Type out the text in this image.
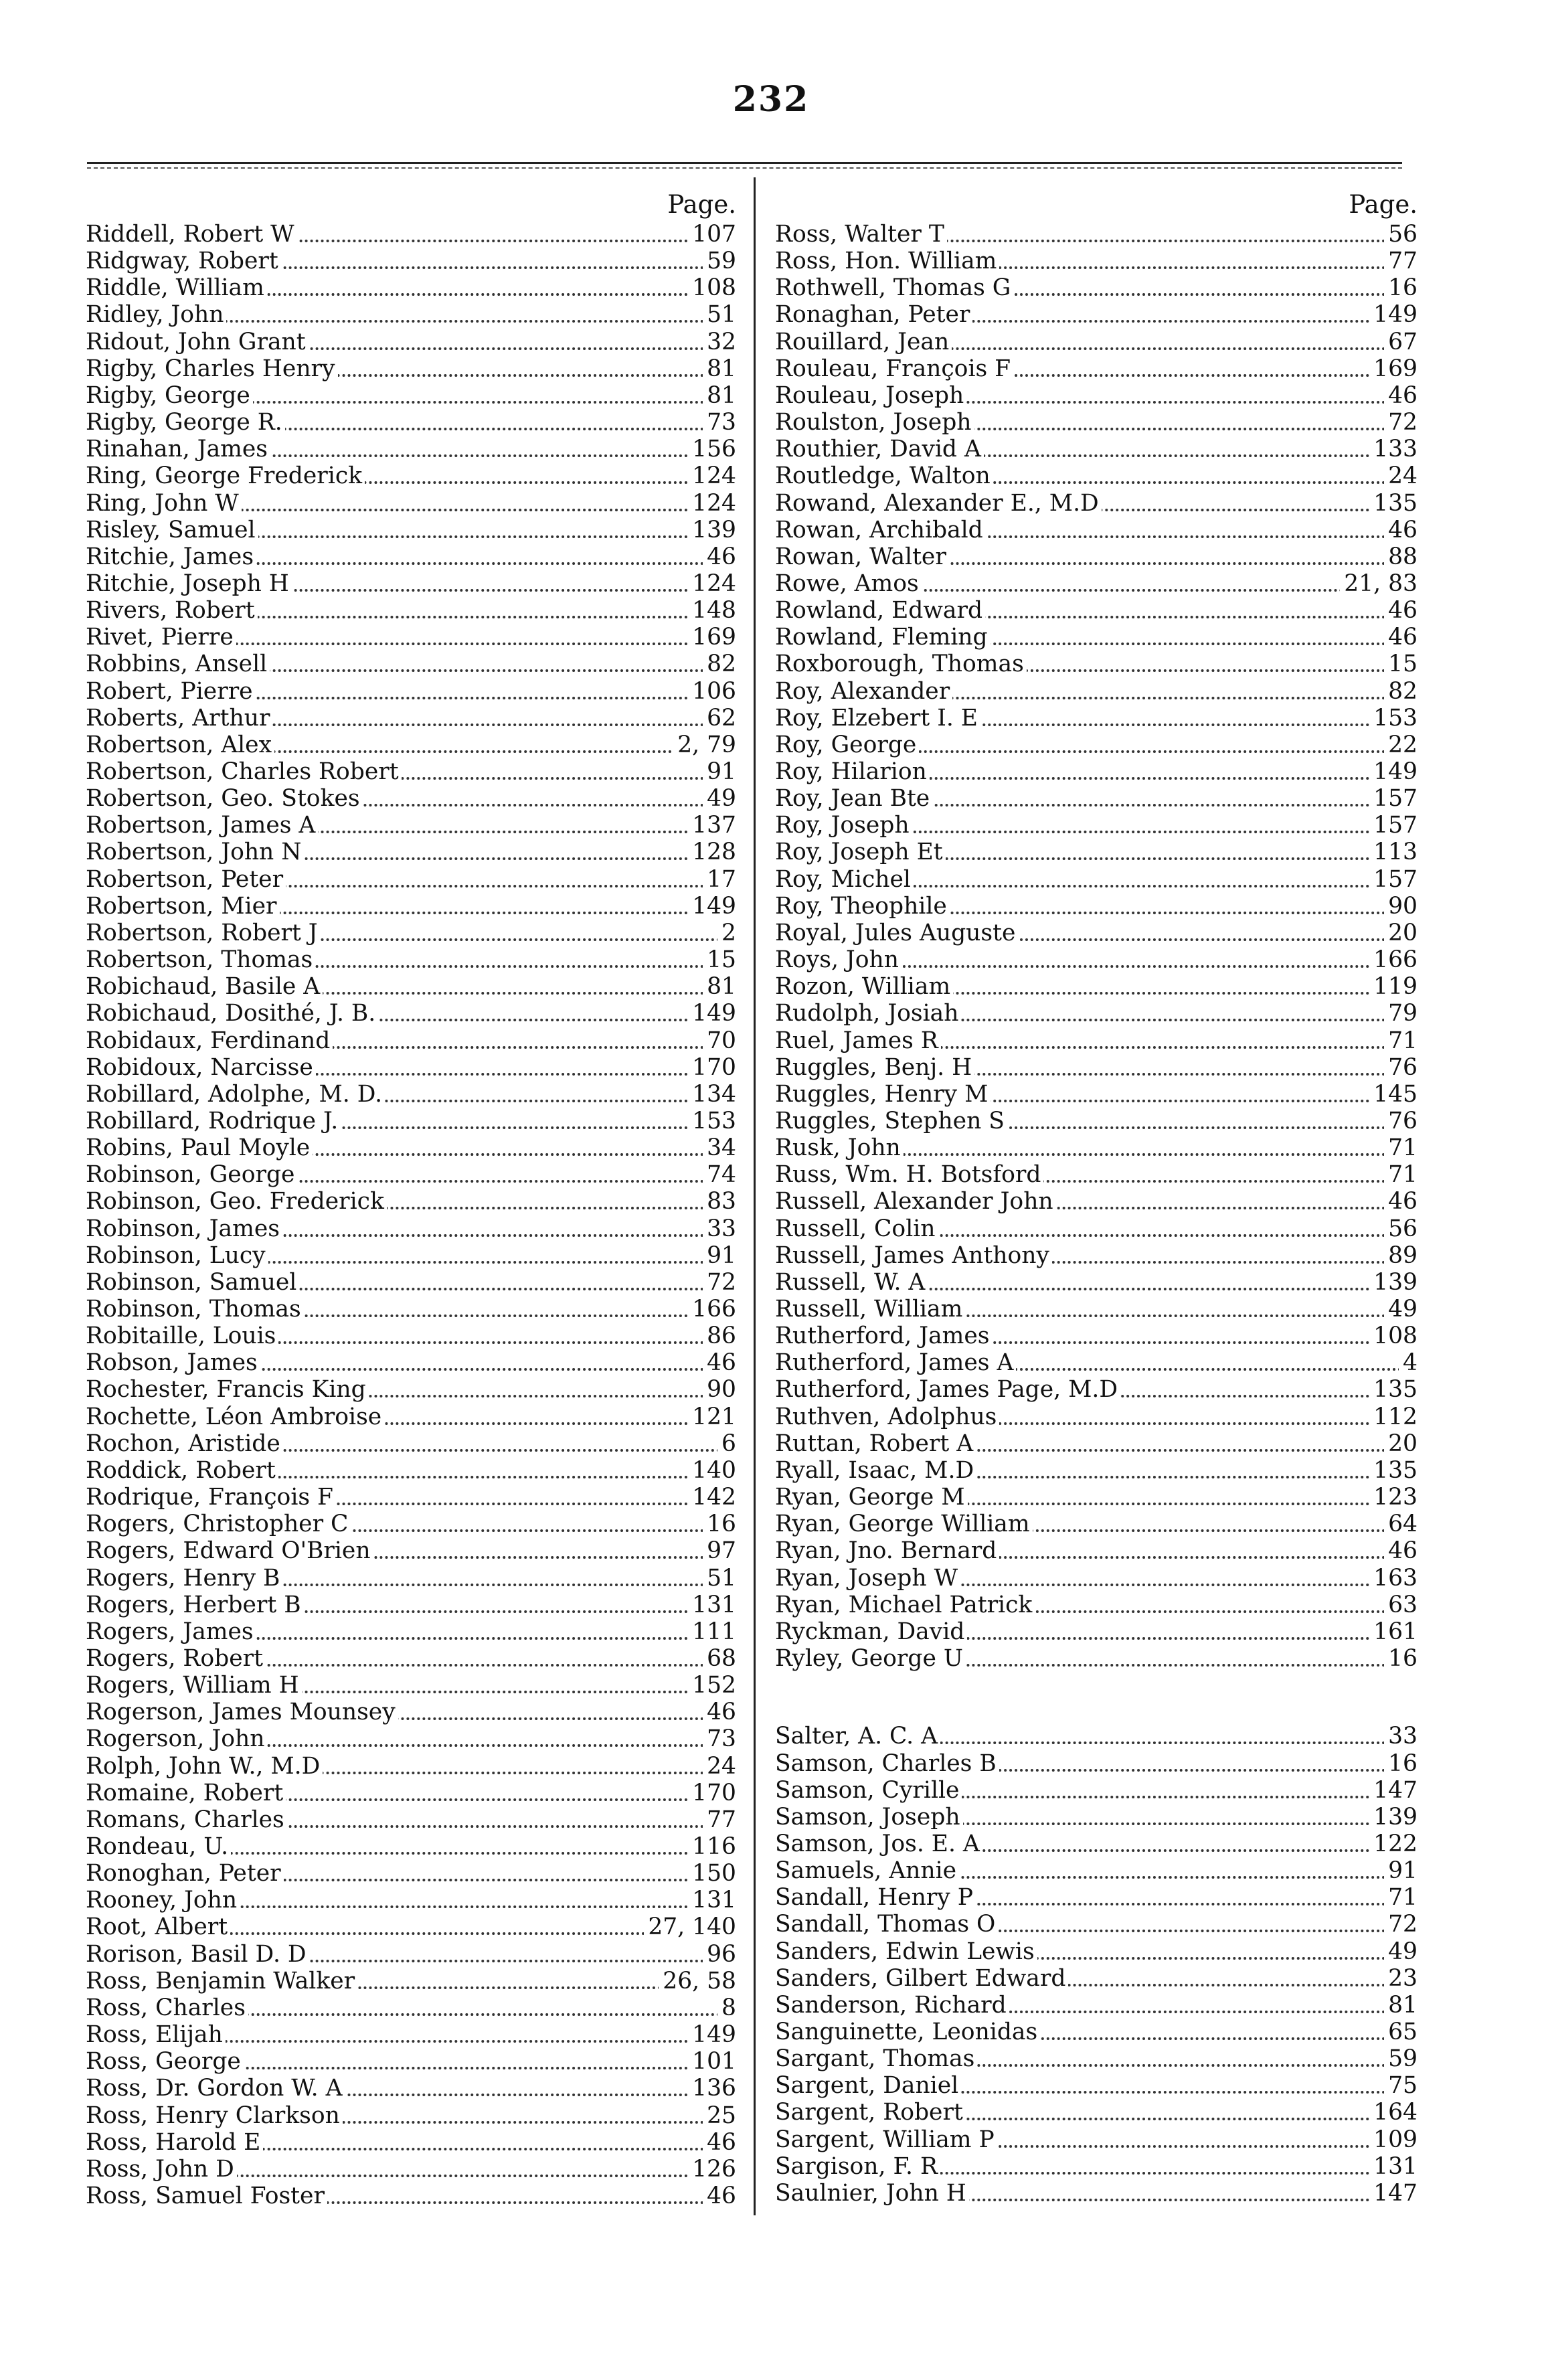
232
Page.
Riddell, Robert W	107
Ridgway, Robert	59
Riddle, William	108
Ridley, John	51
Ridout, John Grant	32
Rigby, Charles Henry	81
Rigby, George	81
Rigby, George R.	73
Rinahan, James	156
Ring, George Frederick	124
Ring, John W	124
Risley, Samuel	139
Ritchie, James	46
Ritchie, Joseph H	124
Rivers, Robert	148
Rivet, Pierre	169
Robbins, Ansell	82
Robert, Pierre	106
Roberts, Arthur	62
Robertson, Alex	2, 79
Robertson, Charles Robert	91
Robertson, Geo. Stokes	49
Robertson, James A	137
Robertson, John N	128
Robertson, Peter	17
Robertson, Mier	149
Robertson, Robert J	2
Robertson, Thomas	15
Robichaud, Basile A	81
Robichaud, Dosithé, J. B.	149
Robidaux, Ferdinand	70
Robidoux, Narcisse	170
Robillard, Adolphe, M. D.	134
Robillard, Rodrique J.	153
Robins, Paul Moyle	34
Robinson, George	74
Robinson, Geo. Frederick	83
Robinson, James	33
Robinson, Lucy	91
Robinson, Samuel	72
Robinson, Thomas	166
Robitaille, Louis	86
Robson, James	46
Rochester, Francis King	90
Rochette, Léon Ambroise	121
Rochon, Aristide	6
Roddick, Robert	140
Rodrique, François F	142
Rogers, Christopher C	16
Rogers, Edward O'Brien	97
Rogers, Henry B	51
Rogers, Herbert B	131
Rogers, James	111
Rogers, Robert	68
Rogers, William H	152
Rogerson, James Mounsey	46
Rogerson, John	73
Rolph, John W., M.D	24
Romaine, Robert	170
Romans, Charles	77
Rondeau, U.	116
Ronoghan, Peter	150
Rooney, John	131
Root, Albert	27, 140
Rorison, Basil D. D	96
Ross, Benjamin Walker	26, 58
Ross, Charles	8
Ross, Elijah	149
Ross, George	101
Ross, Dr. Gordon W. A	136
Ross, Henry Clarkson	25
Ross, Harold E	46
Ross, John D	126
Ross, Samuel Foster	46
Page.
Ross, Walter T	56
Ross, Hon. William	77
Rothwell, Thomas G	16
Ronaghan, Peter	149
Rouillard, Jean	67
Rouleau, François F	169
Rouleau, Joseph	46
Roulston, Joseph	72
Routhier, David A	133
Routledge, Walton	24
Rowand, Alexander E., M.D	135
Rowan, Archibald	46
Rowan, Walter	88
Rowe, Amos	21, 83
Rowland, Edward	46
Rowland, Fleming	46
Roxborough, Thomas	15
Roy, Alexander	82
Roy, Elzebert I. E	153
Roy, George	22
Roy, Hilarion	149
Roy, Jean Bte	157
Roy, Joseph	157
Roy, Joseph Et	113
Roy, Michel	157
Roy, Theophile	90
Royal, Jules Auguste	20
Roys, John	166
Rozon, William	119
Rudolph, Josiah	79
Ruel, James R	71
Ruggles, Benj. H	76
Ruggles, Henry M	145
Ruggles, Stephen S	76
Rusk, John	71
Russ, Wm. H. Botsford	71
Russell, Alexander John	46
Russell, Colin	56
Russell, James Anthony	89
Russell, W. A	139
Russell, William	49
Rutherford, James	108
Rutherford, James A	4
Rutherford, James Page, M.D	135
Ruthven, Adolphus	112
Ruttan, Robert A	20
Ryall, Isaac, M.D	135
Ryan, George M	123
Ryan, George William	64
Ryan, Jno. Bernard	46
Ryan, Joseph W	163
Ryan, Michael Patrick	63
Ryckman, David	161
Ryley, George U	16
Salter, A. C. A	33
Samson, Charles B	16
Samson, Cyrille	147
Samson, Joseph	139
Samson, Jos. E. A	122
Samuels, Annie	91
Sandall, Henry P	71
Sandall, Thomas O	72
Sanders, Edwin Lewis	49
Sanders, Gilbert Edward	23
Sanderson, Richard	81
Sanguinette, Leonidas	65
Sargant, Thomas	59
Sargent, Daniel	75
Sargent, Robert	164
Sargent, William P	109
Sargison, F. R	131
Saulnier, John H	147
